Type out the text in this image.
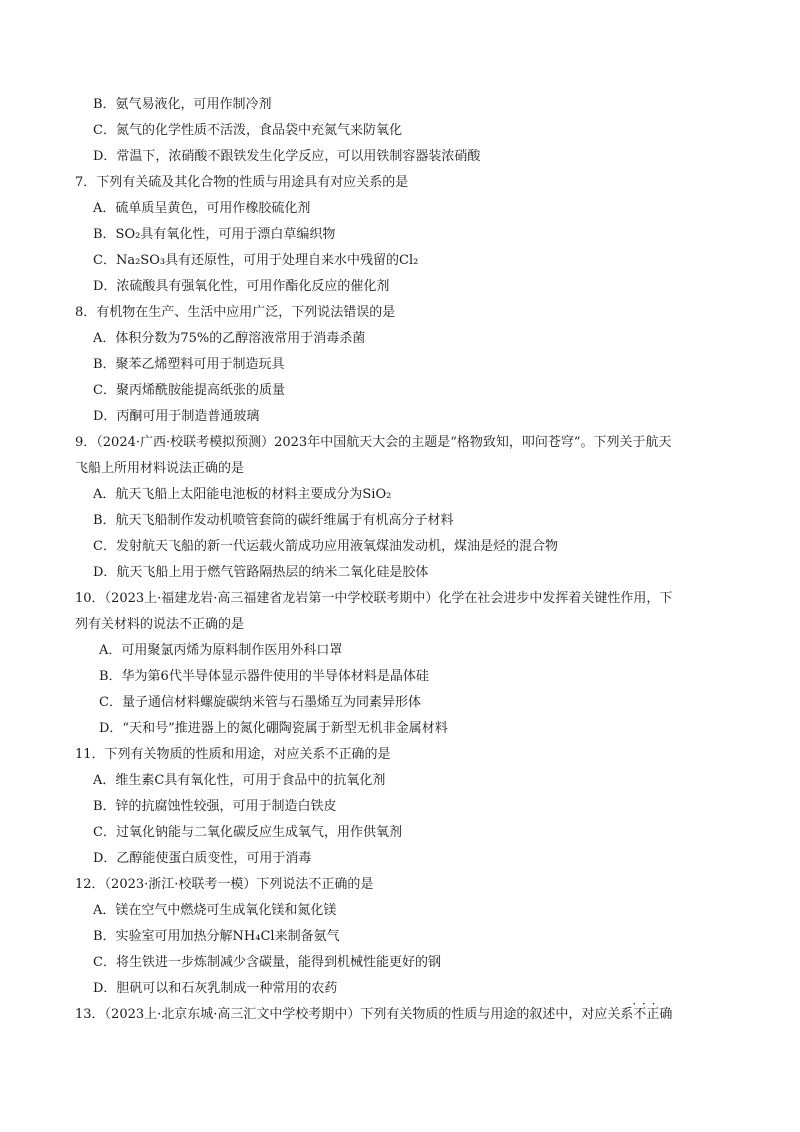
B．氨气易液化，可用作制冷剂
C．氮气的化学性质不活泼，食品袋中充氮气来防氧化
D．常温下，浓硝酸不跟铁发生化学反应，可以用铁制容器装浓硝酸
7．下列有关硫及其化合物的性质与用途具有对应关系的是
A．硫单质呈黄色，可用作橡胶硫化剂
B．SO₂具有氧化性，可用于漂白草编织物
C．Na₂SO₃具有还原性，可用于处理自来水中残留的Cl₂
D．浓硫酸具有强氧化性，可用作酯化反应的催化剂
8．有机物在生产、生活中应用广泛，下列说法错误的是
A．体积分数为75%的乙醇溶液常用于消毒杀菌
B．聚苯乙烯塑料可用于制造玩具
C．聚丙烯酰胺能提高纸张的质量
D．丙酮可用于制造普通玻璃
9．（2024·广西·校联考模拟预测）2023年中国航天大会的主题是“格物致知，叩问苍穹”。下列关于航天
飞船上所用材料说法正确的是
A．航天飞船上太阳能电池板的材料主要成分为SiO₂
B．航天飞船制作发动机喷管套筒的碳纤维属于有机高分子材料
C．发射航天飞船的新一代运载火箭成功应用液氧煤油发动机，煤油是烃的混合物
D．航天飞船上用于燃气管路隔热层的纳米二氧化硅是胶体
10．（2023上·福建龙岩·高三福建省龙岩第一中学校联考期中）化学在社会进步中发挥着关键性作用，下
列有关材料的说法不正确的是
A．可用聚氯丙烯为原料制作医用外科口罩
B．华为第6代半导体显示器件使用的半导体材料是晶体硅
C．量子通信材料螺旋碳纳米管与石墨烯互为同素异形体
D．“天和号”推进器上的氮化硼陶瓷属于新型无机非金属材料
11．下列有关物质的性质和用途，对应关系不正确的是
A．维生素C具有氧化性，可用于食品中的抗氧化剂
B．锌的抗腐蚀性较强，可用于制造白铁皮
C．过氧化钠能与二氧化碳反应生成氧气，用作供氧剂
D．乙醇能使蛋白质变性，可用于消毒
12．（2023·浙江·校联考一模）下列说法不正确的是
A．镁在空气中燃烧可生成氧化镁和氮化镁
B．实验室可用加热分解NH₄Cl来制备氨气
C．将生铁进一步炼制减少含碳量，能得到机械性能更好的钢
D．胆矾可以和石灰乳制成一种常用的农药
13．（2023上·北京东城·高三汇文中学校考期中）下列有关物质的性质与用途的叙述中，对应关系不正确 · · ·
